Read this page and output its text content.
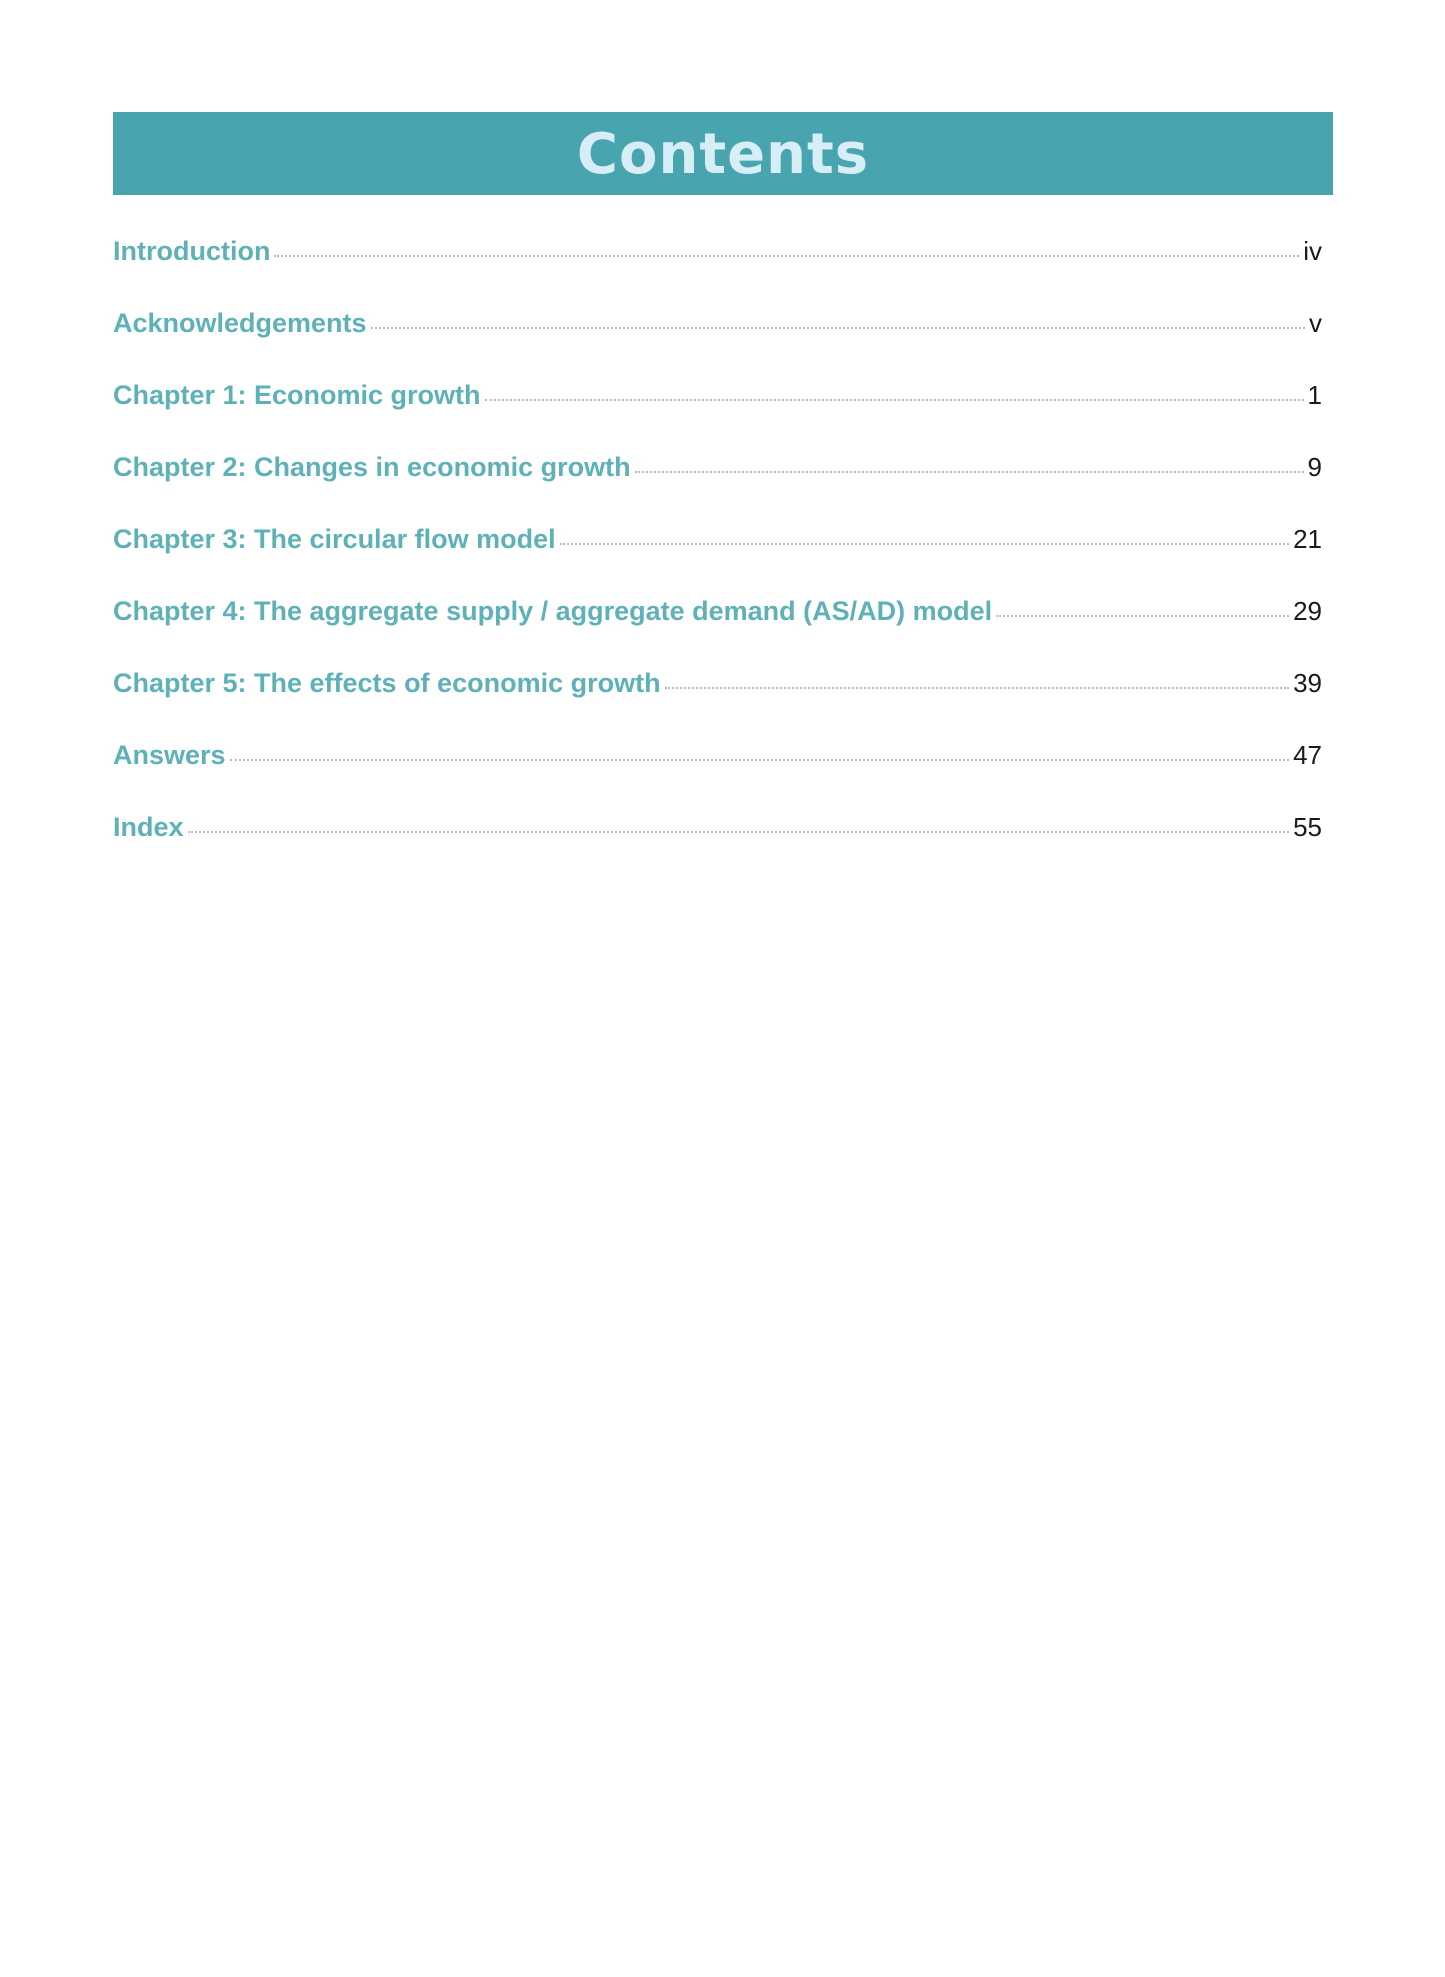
Contents
Introduction	iv
Acknowledgements	v
Chapter 1: Economic growth	1
Chapter 2: Changes in economic growth	9
Chapter 3: The circular flow model	21
Chapter 4: The aggregate supply / aggregate demand (AS/AD) model	29
Chapter 5: The effects of economic growth	39
Answers	47
Index	55
